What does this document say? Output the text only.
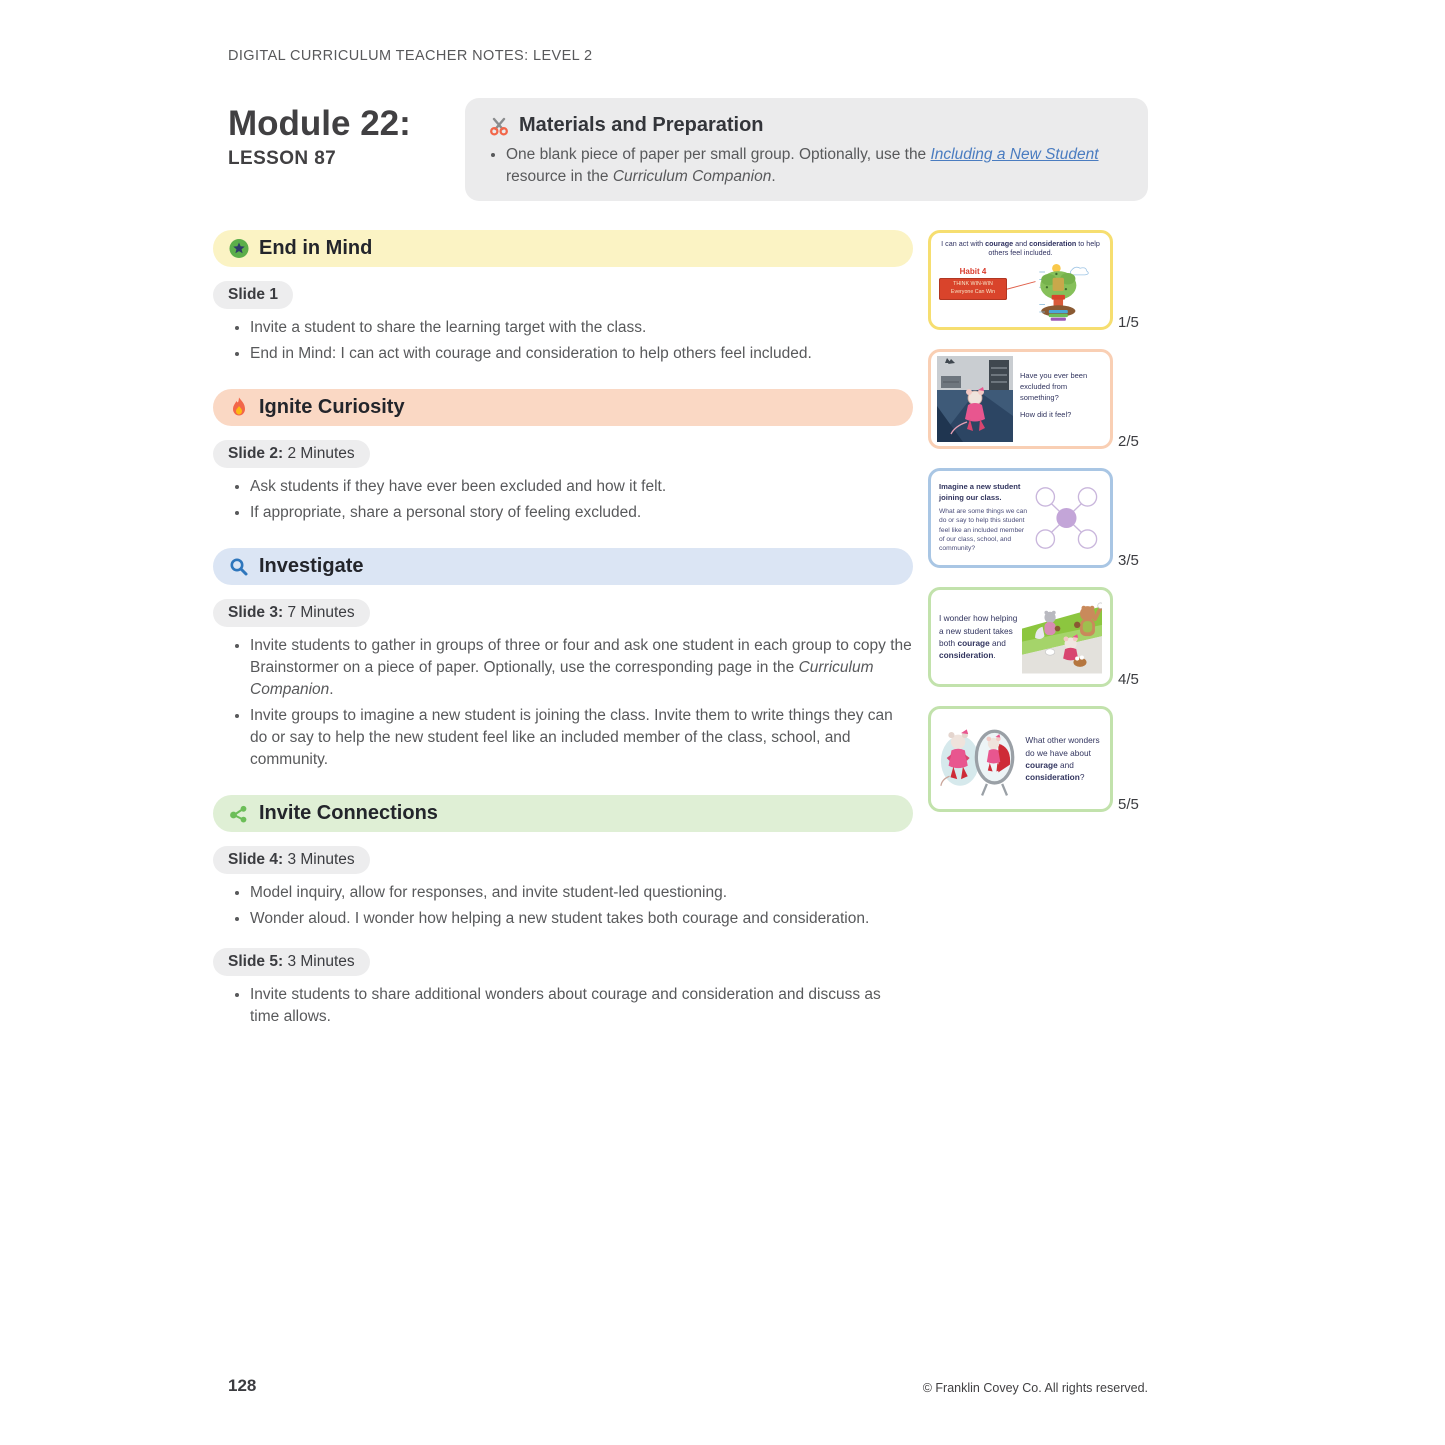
DIGITAL CURRICULUM TEACHER NOTES: LEVEL 2
Module 22:
LESSON 87
Materials and Preparation
• One blank piece of paper per small group. Optionally, use the Including a New Student resource in the Curriculum Companion.
End in Mind
Slide 1
• Invite a student to share the learning target with the class.
• End in Mind: I can act with courage and consideration to help others feel included.
Ignite Curiosity
Slide 2: 2 Minutes
• Ask students if they have ever been excluded and how it felt.
• If appropriate, share a personal story of feeling excluded.
Investigate
Slide 3: 7 Minutes
• Invite students to gather in groups of three or four and ask one student in each group to copy the Brainstormer on a piece of paper. Optionally, use the corresponding page in the Curriculum Companion.
• Invite groups to imagine a new student is joining the class. Invite them to write things they can do or say to help the new student feel like an included member of the class, school, and community.
Invite Connections
Slide 4: 3 Minutes
• Model inquiry, allow for responses, and invite student-led questioning.
• Wonder aloud. I wonder how helping a new student takes both courage and consideration.
Slide 5: 3 Minutes
• Invite students to share additional wonders about courage and consideration and discuss as time allows.
I can act with courage and consideration to help others feel included.
Habit 4
THINK WIN-WIN
Everyone Can Win
1/5

Have you ever been excluded from something?

How did it feel?

2/5
Imagine a new student joining our class.
What are some things we can do or say to help this student feel like an included member of our class, school, and community?
3/5
I wonder how helping a new student takes both courage and consideration.
4/5
What other wonders do we have about courage and consideration?
5/5
128	© Franklin Covey Co. All rights reserved.
